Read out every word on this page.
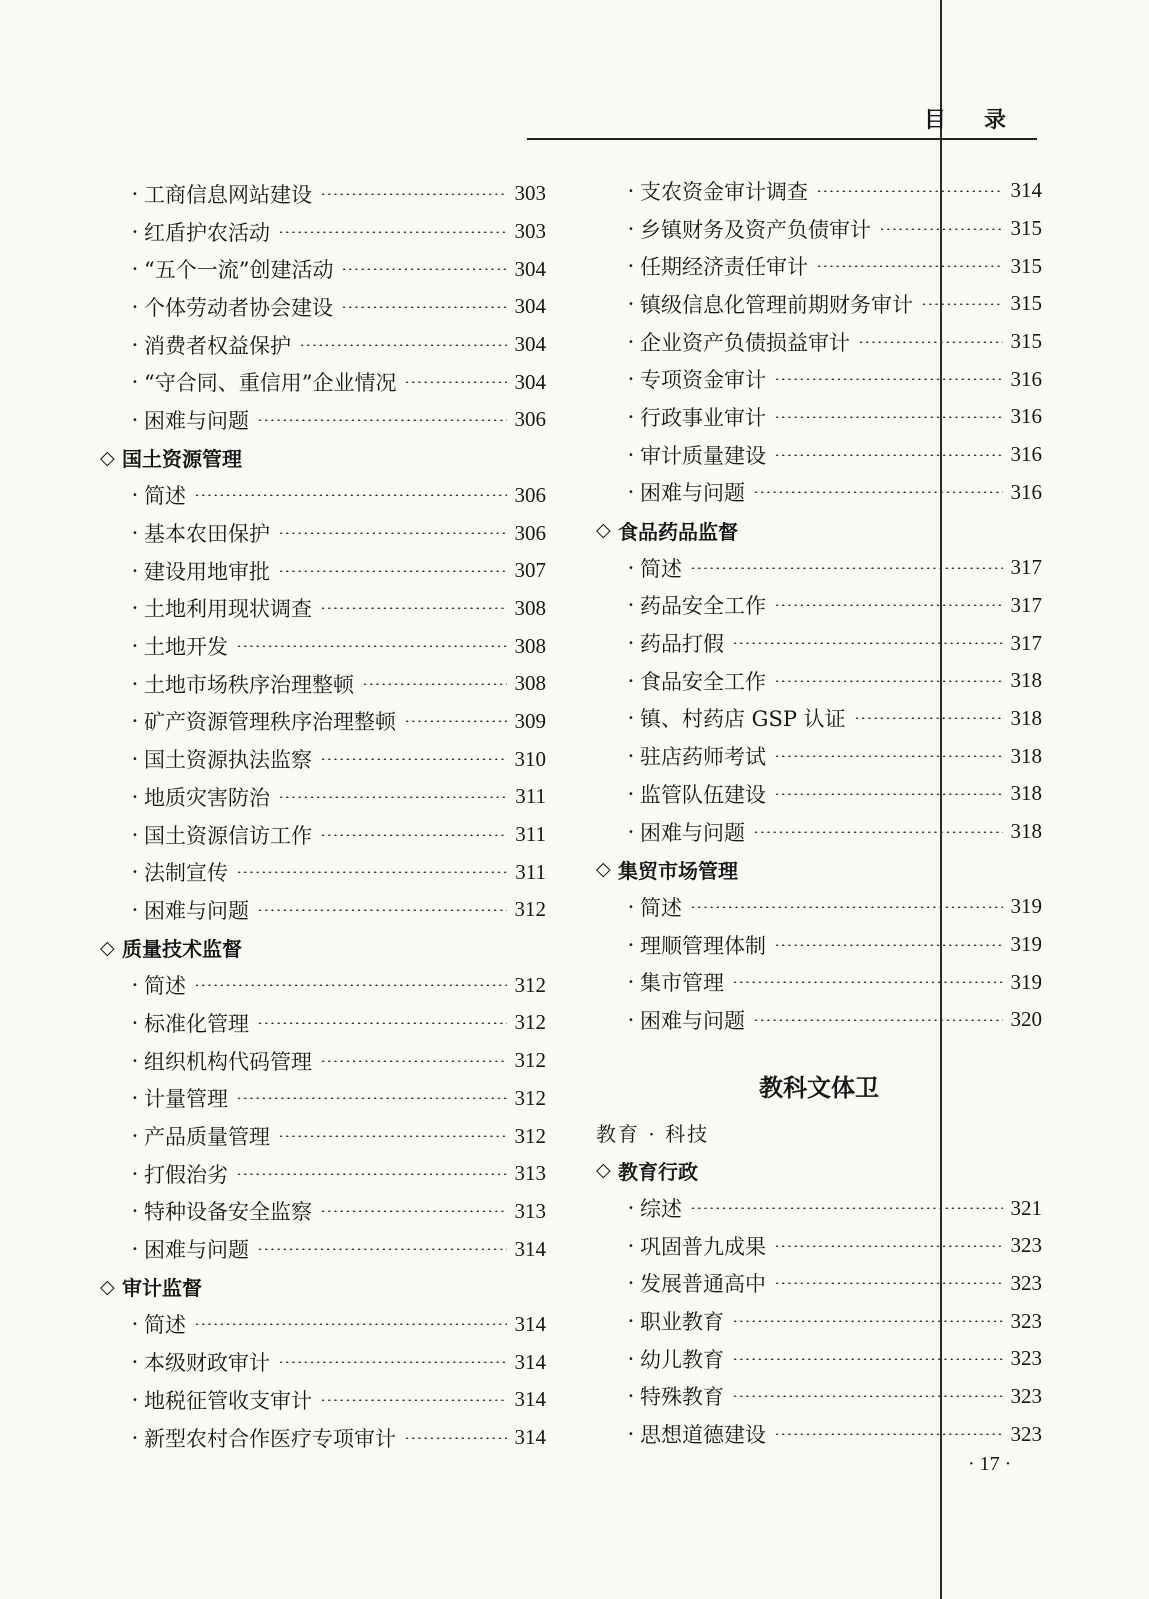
目 录
· 工商信息网站建设	303
· 红盾护农活动	303
· “五个一流”创建活动	304
· 个体劳动者协会建设	304
· 消费者权益保护	304
· “守合同、重信用”企业情况	304
· 困难与问题	306
◇ 国土资源管理
· 简述	306
· 基本农田保护	306
· 建设用地审批	307
· 土地利用现状调查	308
· 土地开发	308
· 土地市场秩序治理整顿	308
· 矿产资源管理秩序治理整顿	309
· 国土资源执法监察	310
· 地质灾害防治	311
· 国土资源信访工作	311
· 法制宣传	311
· 困难与问题	312
◇ 质量技术监督
· 简述	312
· 标准化管理	312
· 组织机构代码管理	312
· 计量管理	312
· 产品质量管理	312
· 打假治劣	313
· 特种设备安全监察	313
· 困难与问题	314
◇ 审计监督
· 简述	314
· 本级财政审计	314
· 地税征管收支审计	314
· 新型农村合作医疗专项审计	314
· 支农资金审计调查	314
· 乡镇财务及资产负债审计	315
· 任期经济责任审计	315
· 镇级信息化管理前期财务审计	315
· 企业资产负债损益审计	315
· 专项资金审计	316
· 行政事业审计	316
· 审计质量建设	316
· 困难与问题	316
◇ 食品药品监督
· 简述	317
· 药品安全工作	317
· 药品打假	317
· 食品安全工作	318
· 镇、村药店 GSP 认证	318
· 驻店药师考试	318
· 监管队伍建设	318
· 困难与问题	318
◇ 集贸市场管理
· 简述	319
· 理顺管理体制	319
· 集市管理	319
· 困难与问题	320
教科文体卫
教育 · 科技
◇ 教育行政
· 综述	321
· 巩固普九成果	323
· 发展普通高中	323
· 职业教育	323
· 幼儿教育	323
· 特殊教育	323
· 思想道德建设	323
· 17 ·
